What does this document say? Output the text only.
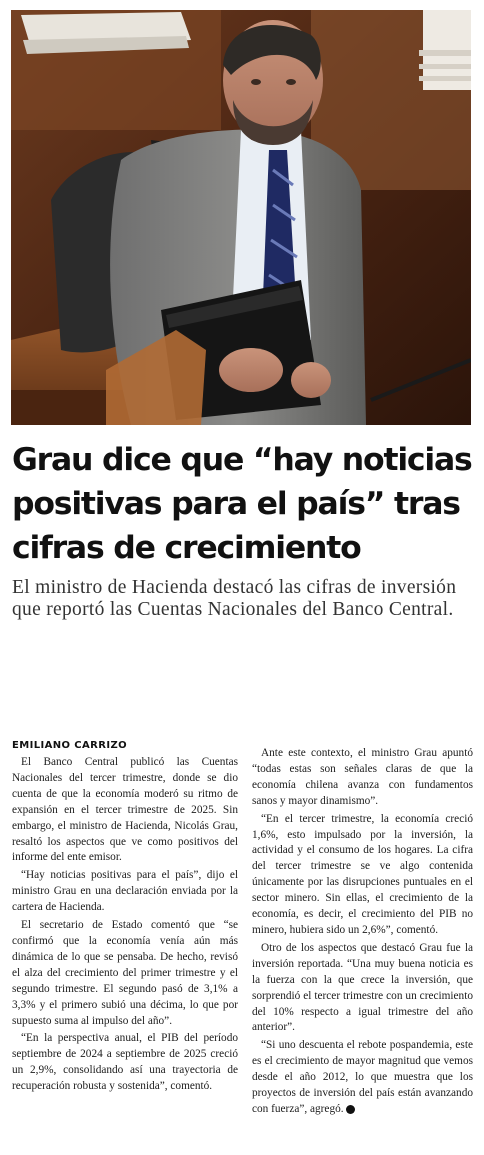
Grau dice que “hay noticias positivas para el país” tras cifras de crecimiento

El ministro de Hacienda destacó las cifras de inversión que reportó las Cuentas Nacionales del Banco Central.

EMILIANO CARRIZO

El Banco Central publicó las Cuentas Nacionales del tercer trimestre, donde se dio cuenta de que la economía moderó su ritmo de expansión en el tercer trimestre de 2025. Sin embargo, el ministro de Hacienda, Nicolás Grau, resaltó los aspectos que ve como positivos del informe del ente emisor.

“Hay noticias positivas para el país”, dijo el ministro Grau en una declaración enviada por la cartera de Hacienda.

El secretario de Estado comentó que “se confirmó que la economía venía aún más dinámica de lo que se pensaba. De hecho, revisó el alza del crecimiento del primer trimestre y el segundo trimestre. El segundo pasó de 3,1% a 3,3% y el primero subió una décima, lo que por supuesto suma al impulso del año”.

“En la perspectiva anual, el PIB del período septiembre de 2024 a septiembre de 2025 creció un 2,9%, consolidando así una trayectoria de recuperación robusta y sostenida”, comentó.

Ante este contexto, el ministro Grau apuntó “todas estas son señales claras de que la economía chilena avanza con fundamentos sanos y mayor dinamismo”.

“En el tercer trimestre, la economía creció 1,6%, esto impulsado por la inversión, la actividad y el consumo de los hogares. La cifra del tercer trimestre se ve algo contenida únicamente por las disrupciones puntuales en el sector minero. Sin ellas, el crecimiento de la economía, es decir, el crecimiento del PIB no minero, hubiera sido un 2,6%”, comentó.

Otro de los aspectos que destacó Grau fue la inversión reportada. “Una muy buena noticia es la fuerza con la que crece la inversión, que sorprendió el tercer trimestre con un crecimiento del 10% respecto a igual trimestre del año anterior”.

“Si uno descuenta el rebote pospandemia, este es el crecimiento de mayor magnitud que vemos desde el año 2012, lo que muestra que los proyectos de inversión del país están avanzando con fuerza”, agregó. P
